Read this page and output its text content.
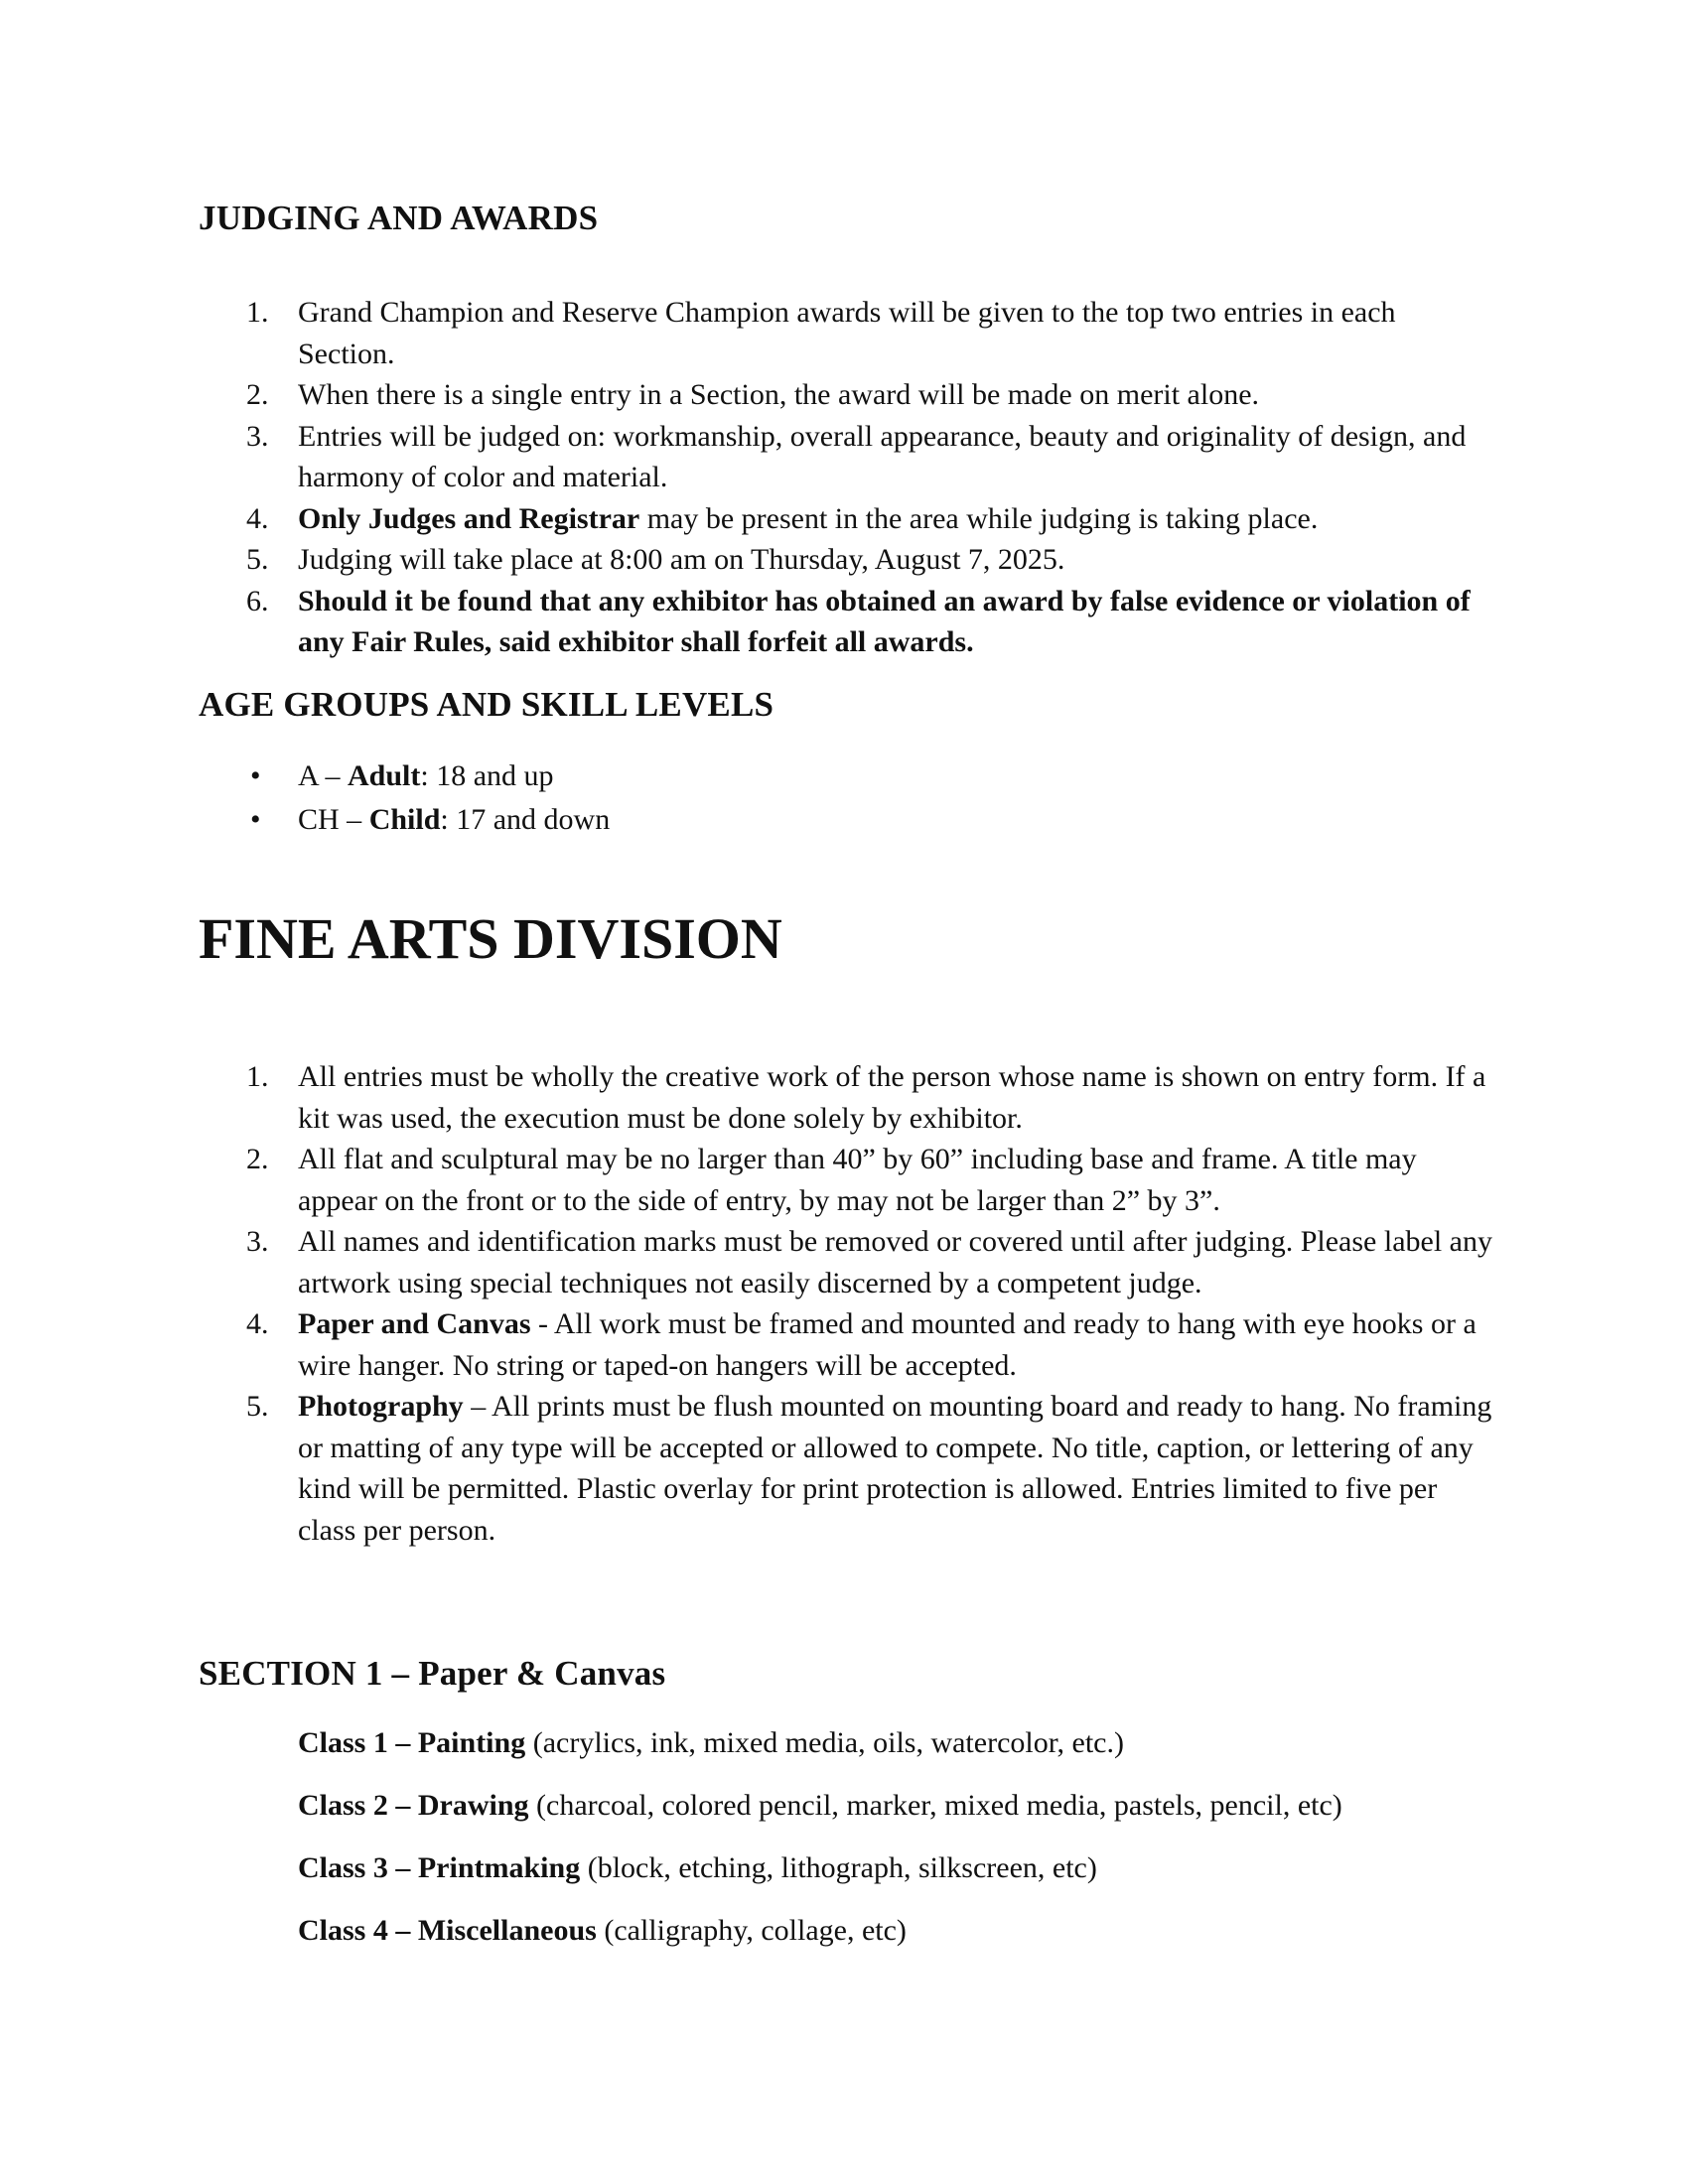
JUDGING AND AWARDS
1. Grand Champion and Reserve Champion awards will be given to the top two entries in each Section.
2. When there is a single entry in a Section, the award will be made on merit alone.
3. Entries will be judged on: workmanship, overall appearance, beauty and originality of design, and harmony of color and material.
4. Only Judges and Registrar may be present in the area while judging is taking place.
5. Judging will take place at 8:00 am on Thursday, August 7, 2025.
6. Should it be found that any exhibitor has obtained an award by false evidence or violation of any Fair Rules, said exhibitor shall forfeit all awards.
AGE GROUPS AND SKILL LEVELS
• A – Adult: 18 and up
• CH – Child: 17 and down
FINE ARTS DIVISION
1. All entries must be wholly the creative work of the person whose name is shown on entry form. If a kit was used, the execution must be done solely by exhibitor.
2. All flat and sculptural may be no larger than 40” by 60” including base and frame. A title may appear on the front or to the side of entry, by may not be larger than 2” by 3”.
3. All names and identification marks must be removed or covered until after judging. Please label any artwork using special techniques not easily discerned by a competent judge.
4. Paper and Canvas - All work must be framed and mounted and ready to hang with eye hooks or a wire hanger. No string or taped-on hangers will be accepted.
5. Photography – All prints must be flush mounted on mounting board and ready to hang. No framing or matting of any type will be accepted or allowed to compete. No title, caption, or lettering of any kind will be permitted. Plastic overlay for print protection is allowed. Entries limited to five per class per person.
SECTION 1 – Paper & Canvas
Class 1 – Painting (acrylics, ink, mixed media, oils, watercolor, etc.)
Class 2 – Drawing (charcoal, colored pencil, marker, mixed media, pastels, pencil, etc)
Class 3 – Printmaking (block, etching, lithograph, silkscreen, etc)
Class 4 – Miscellaneous (calligraphy, collage, etc)
